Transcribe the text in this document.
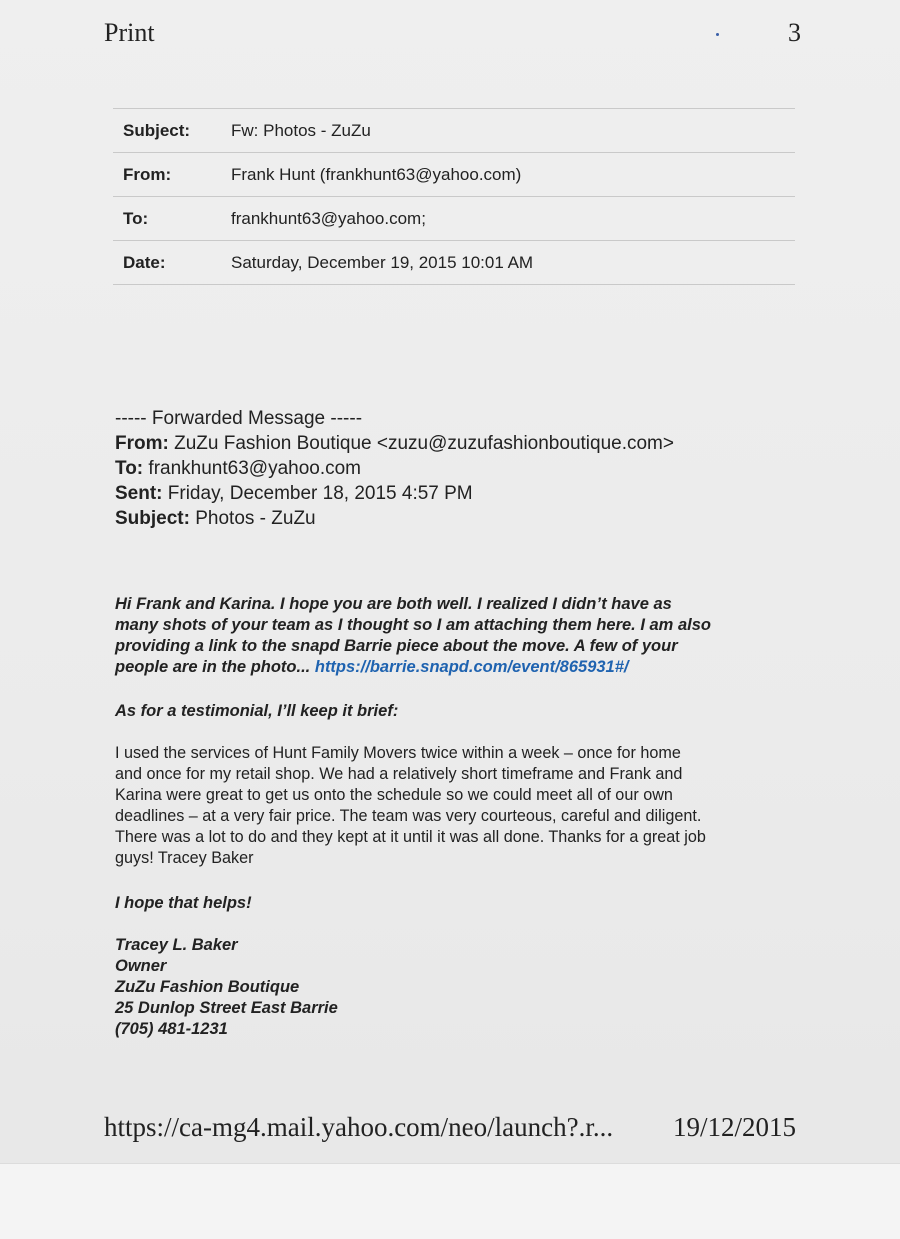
Print	3
Subject:	Fw: Photos - ZuZu
From:	Frank Hunt (frankhunt63@yahoo.com)
To:	frankhunt63@yahoo.com;
Date:	Saturday, December 19, 2015 10:01 AM
----- Forwarded Message -----
From: ZuZu Fashion Boutique <zuzu@zuzufashionboutique.com>
To: frankhunt63@yahoo.com
Sent: Friday, December 18, 2015 4:57 PM
Subject: Photos - ZuZu
Hi Frank and Karina. I hope you are both well. I realized I didn’t have as
many shots of your team as I thought so I am attaching them here. I am also
providing a link to the snapd Barrie piece about the move. A few of your
people are in the photo... https://barrie.snapd.com/event/865931#/
As for a testimonial, I’ll keep it brief:
I used the services of Hunt Family Movers twice within a week – once for home
and once for my retail shop. We had a relatively short timeframe and Frank and
Karina were great to get us onto the schedule so we could meet all of our own
deadlines – at a very fair price. The team was very courteous, careful and diligent.
There was a lot to do and they kept at it until it was all done. Thanks for a great job
guys! Tracey Baker
I hope that helps!
Tracey L. Baker
Owner
ZuZu Fashion Boutique
25 Dunlop Street East Barrie
(705) 481-1231
https://ca-mg4.mail.yahoo.com/neo/launch?.r... 19/12/2015
